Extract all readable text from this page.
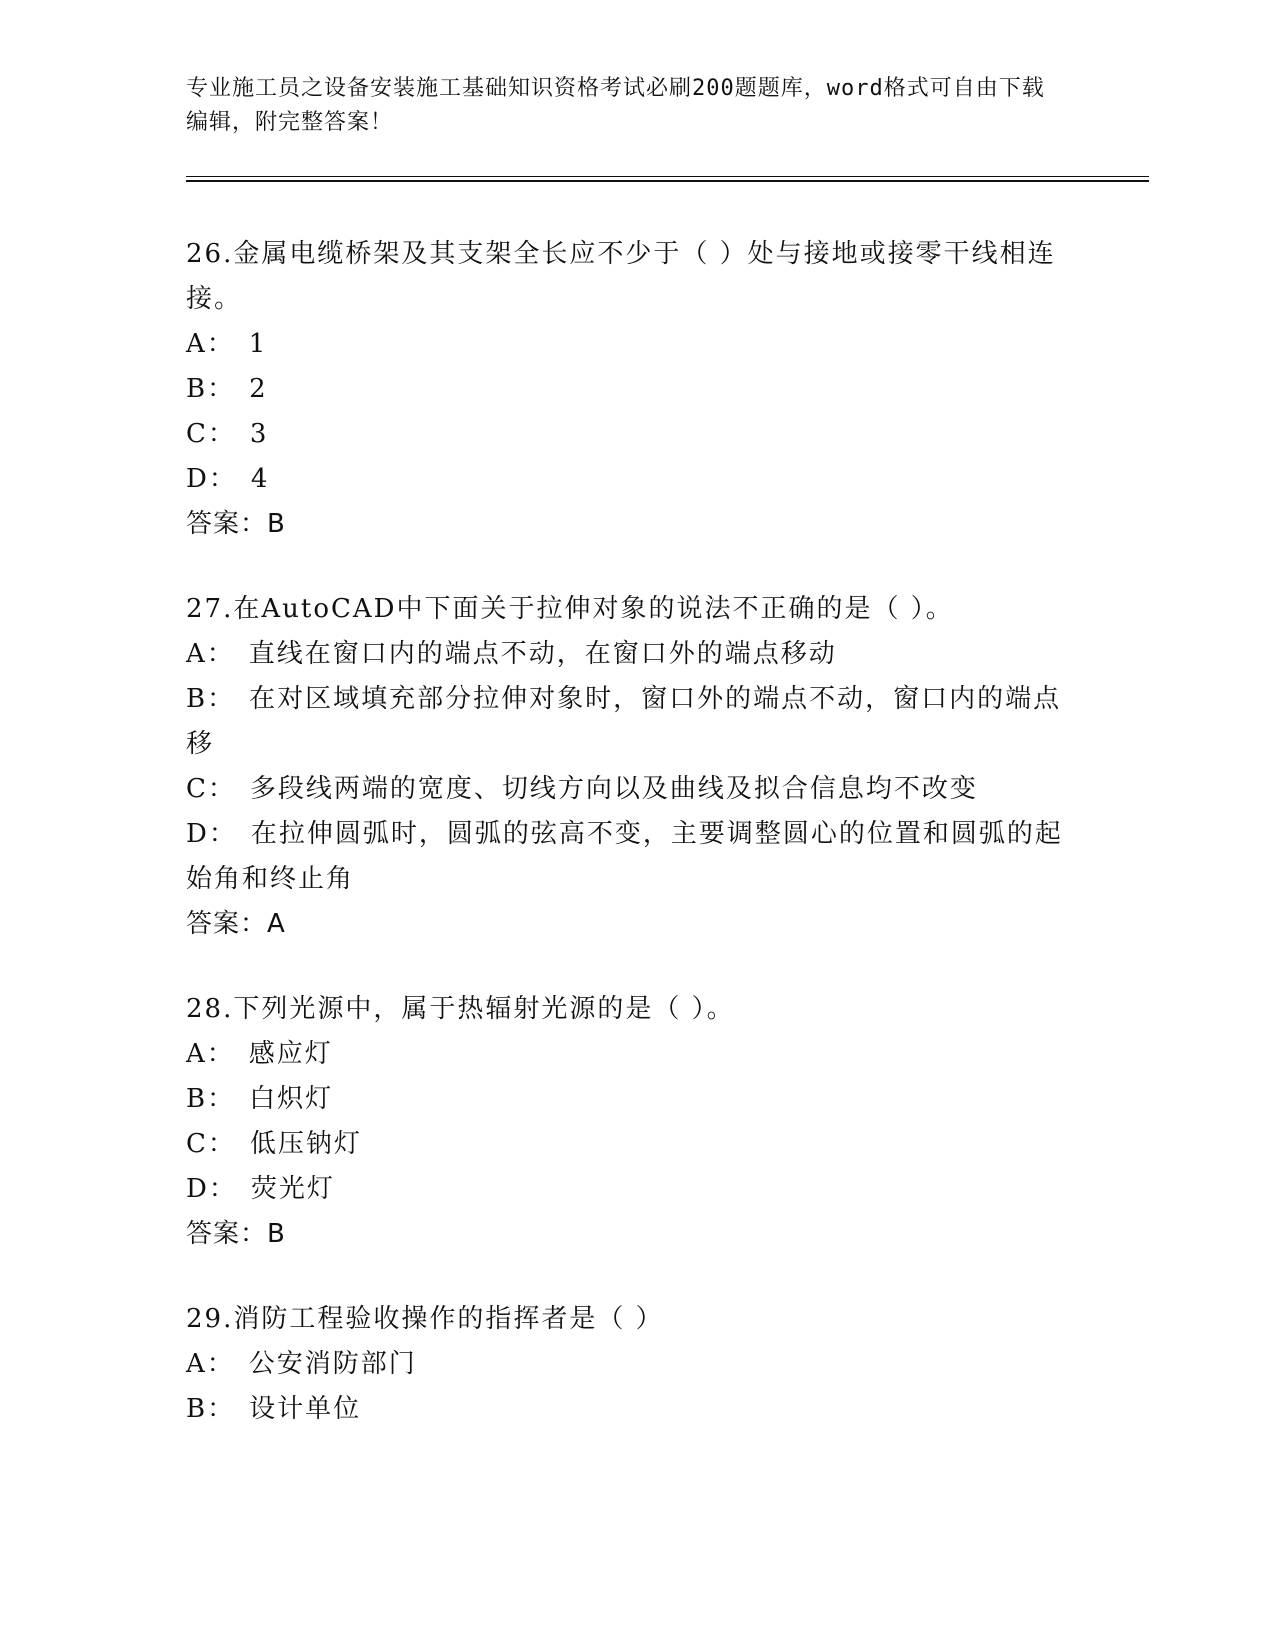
专业施工员之设备安装施工基础知识资格考试必刷200题题库，word格式可自由下载编辑，附完整答案！
26.金属电缆桥架及其支架全长应不少于（ ）处与接地或接零干线相连接。
A： 1
B： 2
C： 3
D： 4
答案：B
27.在AutoCAD中下面关于拉伸对象的说法不正确的是（ ）。
A： 直线在窗口内的端点不动，在窗口外的端点移动
B： 在对区域填充部分拉伸对象时，窗口外的端点不动，窗口内的端点移
C： 多段线两端的宽度、切线方向以及曲线及拟合信息均不改变
D： 在拉伸圆弧时，圆弧的弦高不变，主要调整圆心的位置和圆弧的起始角和终止角
答案：A
28.下列光源中，属于热辐射光源的是（ ）。
A： 感应灯
B： 白炽灯
C： 低压钠灯
D： 荧光灯
答案：B
29.消防工程验收操作的指挥者是（ ）
A： 公安消防部门
B： 设计单位
